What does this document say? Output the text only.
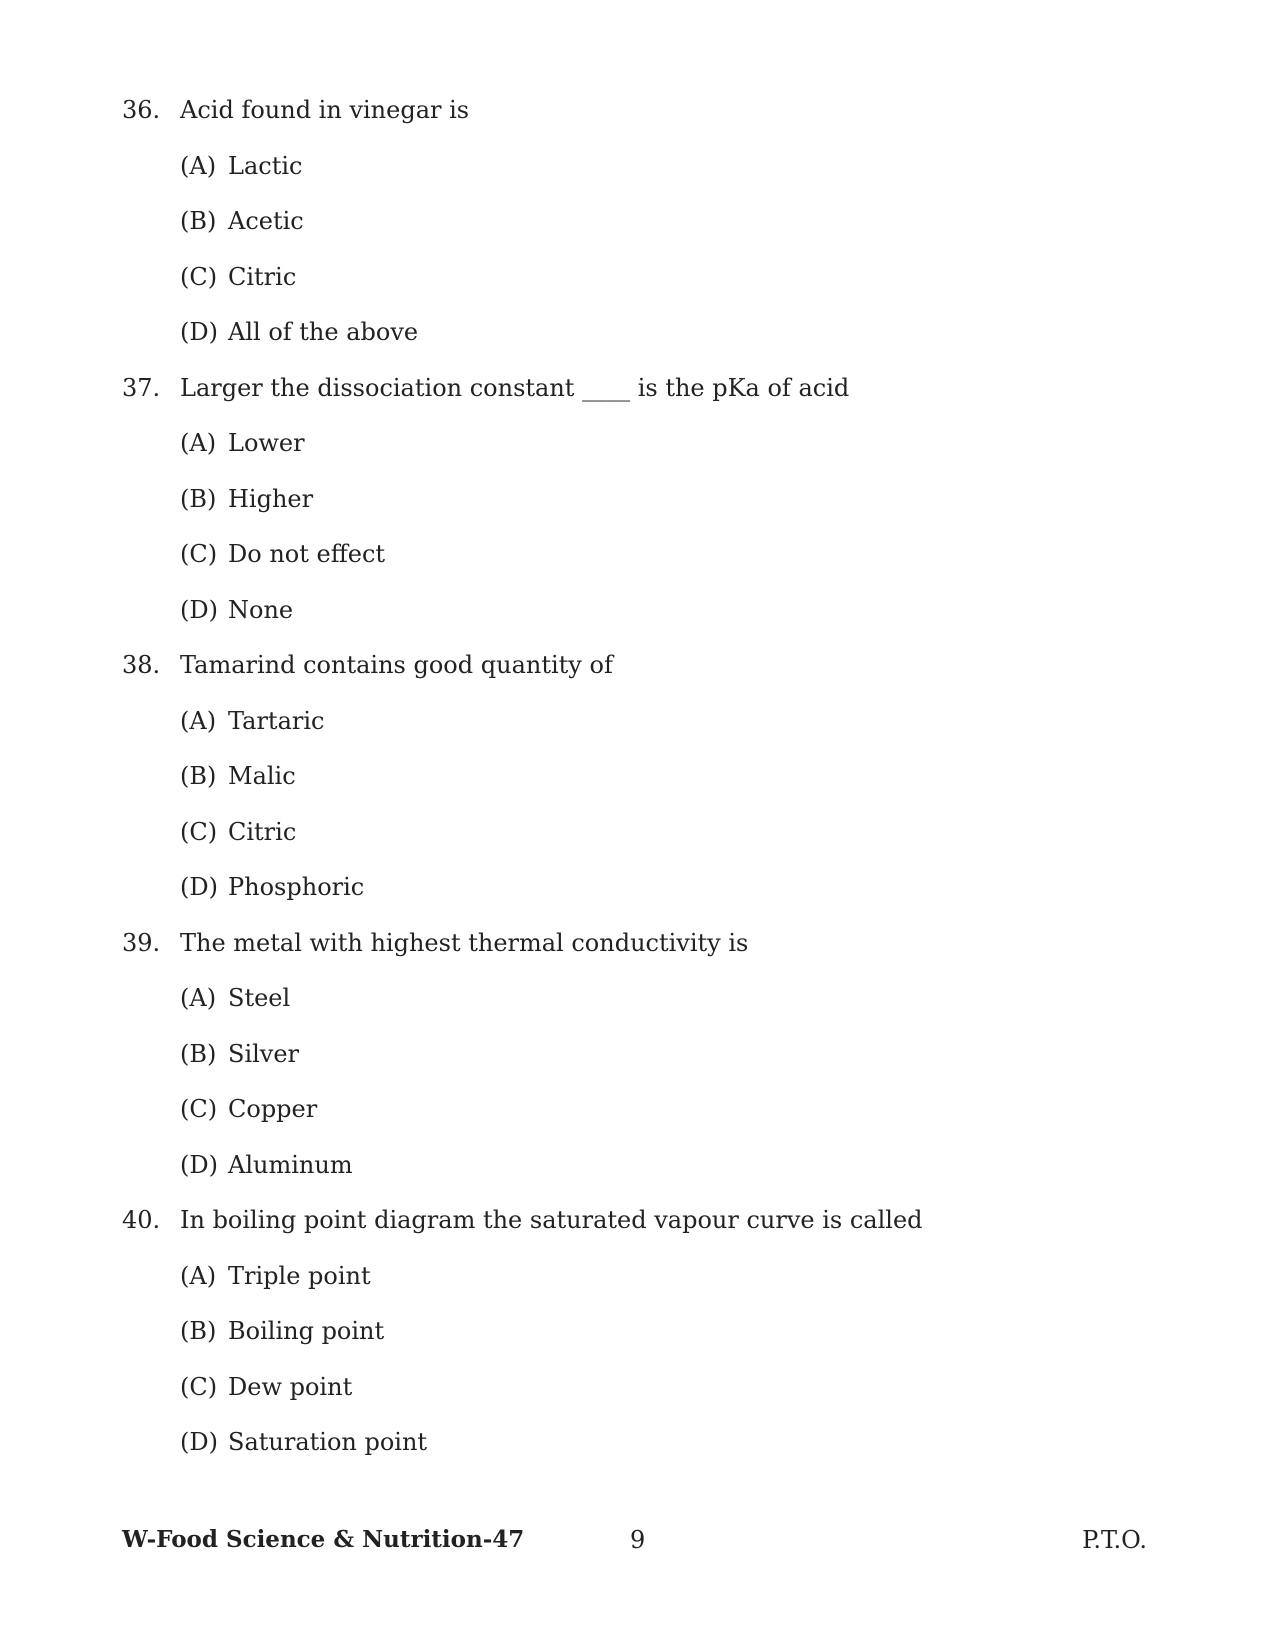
36. Acid found in vinegar is
(A) Lactic
(B) Acetic
(C) Citric
(D) All of the above
37. Larger the dissociation constant ____ is the pKa of acid
(A) Lower
(B) Higher
(C) Do not effect
(D) None
38. Tamarind contains good quantity of
(A) Tartaric
(B) Malic
(C) Citric
(D) Phosphoric
39. The metal with highest thermal conductivity is
(A) Steel
(B) Silver
(C) Copper
(D) Aluminum
40. In boiling point diagram the saturated vapour curve is called
(A) Triple point
(B) Boiling point
(C) Dew point
(D) Saturation point
W-Food Science & Nutrition-47	9	P.T.O.
